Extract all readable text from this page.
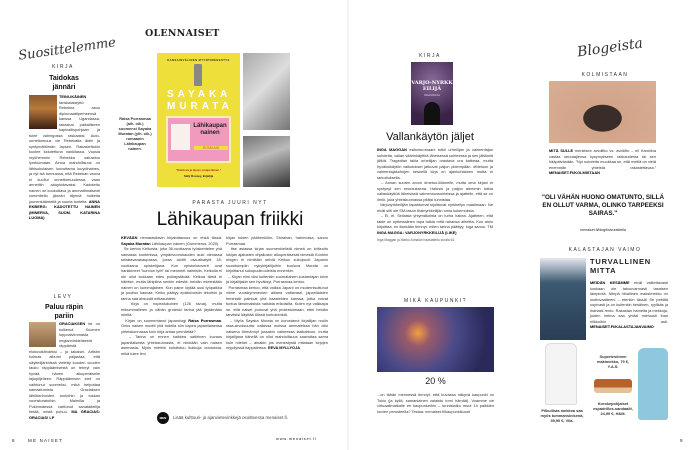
Suosittelemme
OLENNAISET
KIRJA
Taidokas jännäri
TEINI-IKÄINEN tanskalaistyttö Rebekka asuu diplomaattiperheensä kanssa Ugandassa, rakastuu paikalliseen kapinallispohjaan ja tulee vahingossa raskaaksi. Auto-onnettomuus vie Rebekalta äidin ja syntymättömän lapsen. Rakastettukin kuolee kidutettuna vankilassa. Vuosia myöhemmin Rebekka sairastuu lymfoomaan. Ainoa mahdollisuus on lähisukulaisen luovuttama luuydinaines, ja nyt isä tunnustaa, että Rebekan vauva ei kuollut onnettomuudessa, vaan annettiin adoptoitavaksi. Kadotettu nainen on koukuttava ja ammattimaisesti sommiteltu jännäri täynnä hulkeita juonenkäänteitä ja suuria tunteita. ANNA EKBERG: KADOTETTU NAINEN (MINERVA, SUOM. KATARINA LUOMA)
LEVY
Paluu räpin pariin
GRACIAKSEN tie on kulkenut Suomen luppoaivimmasta englanninkielisestä räppäristä elokuvatähdeksi – ja takaisin. Artistin kolmas albumi paljastaa, että näyttelijäntöissä vietetty kuuden vuoden tauko räppäämisestä on tehnyt vain hyvää hänen alkuperäiselle lajiopiljelleen. Räppäämisen kieli on vaihtunut suomeksi, mikä helpottaa samastumista Graciaksen lähiötarinoiden tuntoihin ja tuskan vuoristoratoihin. Malmilla ja Pukinmäessä varttunut sanataiteilija tietää, mistä puhuu. MA GRACIAS: GRACIAS! LP
8	ME NAISET
Raisa Porrasmaa (alh. oik.) suomensi Sayaka Muratan (ylh. oik.) romaanin Lähikaupan nainen.
KANSAINVÄLINEN MYYNTIMENESTYS
SAYAKA MURATA
Lähikaupan nainen
ROMAANI
"Kiehtova ja täysin omaperäinen."
Sally Rooney, kirjailija
PARASTA JUURI NYT
Lähikaupan friikki
KEVÄÄN riemastuttavin kirjatuttavuus on ehkä tässä: Sayaka Muratan Lähikaupan nainen (Gummerus, 2020).
Se kertoo Keikosta, joka 36-vuotiaana työskentelee yhä samassa konbinissa, ympärivuorokauden auki olevassa sekatavarakaupassa, jossa aloitti osa-aikatyöt 18-vuotiaana opiskelijana. Kun opiskelutoverit ovat hankkineet ”kunnon työt” tai menneet naimisiin, Keikolla ei ole ollut koskaan edes poikaystävää. Keikoa tämä ei häiritse, mutta lähipiiria senkin edestä: heidän mielestään nainen on kummajainen. Kun paine löytää uusi työpaikka ja puoliso kasvaa, Keiko päätyy epätoivoisiin tekoihin ja tarina saa absurdit mittasuhteet.
Kirja on nopealukuinen (126 sivua), mutta erikummallinen ja vähän groteski tarina jää jäytämään mieltä.
Kirjan on suomentanut japanologi Raisa Porrasmaa. Onko naisen muotti yhä todella niin kapea japanilaisessa yhteiskunnassa kuin kirja antaa ymmärtää?
– Tarina on ennen kaikkea satiirinen kuvaus japanilaisesta yhteiskunnasta, ei niinkään vain naisen asemasta. Myös miehiin kohdistuu tiukkoja odotuksia, mikä tulee ilmi
kirjan toisen päähenkilön, Shirahan, hahmossa, sanoo Porrasmaa.
Itse asiassa kirjan suomenkielistä nimeä on kritisoitu lukijan ajatusten ohjailusta; alkuperäisestä nimestä Konbini ningen ei nimittäin selviä Keikon sukupuoli. Japanin suosituimpiin nykykirjailijoihin kuuluva Murata on kirjoittanut sukupuolirooleista ennenkin.
– Kirjan nimi olisi kuitenkin suomalaisen kustantajan toive ja kirjailijakin sen hyväksyi, Porrasmaa kertoo.
Porrasmaa kertoo, että vaikka Japani on modernisoitunut viime vuosikymmenien aikana valtavasti, japanilaisten feministit painivat yhä haasteiden kanssa, jotka voivat tuntua länsimaisista naisista erikoisilta. Kuten nyt vaikkapa se, että naiset joutuvat yhä protestoimaan, ettei heidän tarvitsisi käyttää töissä korkokenkiä.
– Myös Sayaka Murata on korostanut kirjailijan roolin rasa-arvoisuutta: kaikissa muissa ammateissa hän olisi naisena törmännyt jossakin vaiheessa lasikattoon, mutta kirjailijana hänellä on ollut mahdollisuus saavuttaa sama kuin miehet – ainakin jos menestystä mitataan kirjojen myydyissä kappaleissa. EEVA MYLLYOJA
MEN	Lisää kulttuuri- ja ajanvietevinkkejä osoitteessa menaiset.fi.
www.menaiset.fi
KIRJA
VARJO-NYRKKEILIJÄ
INGA MAGGA
Vallankäytön jäljet
INGA MAGGAN esikoisromaani tutkii urheilijan ja valmentajan suhdetta, vallan väärinkäyttöä läheisessä suhteessa ja sen jättämiä jälkiä. Tragedian takia urheilijan orastava ura katkeaa, mutta hyväksikäytön vaikutukset jatkuvat paljon pidempään. #Metoon ja valmentajakohujen keskellä kirja on ajankohtainen mutta ei tarkoituksella.
– Annan suuren arvon #metoo-liikkeelle, mutta oma kirjani ei syntynyt sen seurauksena. Halusin ja paljon aiemmin tutkia vallankäyttöä läheisissä valmennussuhteissa ja ajattelin, että se on ilmiö, joka yhteiskunnassa pitäisi tunnistaa.
Varjonyrkkeilijän tapahtumat sijoittuvat nyrkkeilyn maailmaan. Ne eivät silti ole SM-tason thainyrkkeilijän omia kokemuksia.
– Ei, ei. Sellaisia yhtymäkohtia on turha hakea. Ajattelen, että taide on optimaalinen tapa tutkia mitä rahansa aiheitta. Kun aloin kirjoittaa, en itsekään tiennyt, miten tarina päättyy, Inga sanoo. TM INGA MAGGA: VARJONYRKKEILIJÄ (LIKE)
Inga Maggan ja Marko Annalan haastattelu sivulla 62.
MIKÄ KAUPUNKI?
20 %
...on tähän mennessä tiennyt, että kuvassa näkyvä kaupunki on Tokio (ja kyllä, samanlainen valaistu torni hämää). Voamme vie virtuaalimatkalle eri kaupunkeihin – tunnistatko muut 14 paikkien kuvien perusteella? Testaa: menaiset.fi/kaupunkikuvat
Blogeista
KOLMISTAAN
MITÄ SULLE merkitsee avioliitto vs. avoliitto – eli Karoliina vastaa seuraajiensa kysymykseen rakkaudesta tai sen hääpäivänään. ”Nyt suhdetta muokkaa se, että meillä on vielä enemmän yhteistä rakastettavaa.” MENAISET.FI/KOLMISTAAN
"OLI VÄHÄN HUONO OMATUNTO, SILLÄ EN OLLUT VARMA, OLINKO TARPEEKSI SAIRAS."
menaiset.fi/blogit/sivuraiteilla
KALASTAJAN VAIMO
TURVALLINEN MITTA
MEIDÄN KESÄMME eivät valitettavasti koskaan ole takuuvarmasti tasaisen lämpimiä. Niinpä hihallinen maksimekko on luottovaatteeni – etenkin tässä! Se peittää sopivasti ja on kuitenkin kesäinen, ryylikäs ja ihanasti rento. Rakastan hameita ja mekkoja, joiden helma saa yhtää mieluusti ihan nilkkoihin asti. MENAISET.FI/KALASTAJANVAIMO
Pilkullista mekkoa saa myös tummansinisenä, 39,90 €, Vila.
Supertesöinen makimekko, 79 €, Y.A.S.
Korokepohjaiset espadrillos-sandaalit, 24,99 €, H&M.
9
